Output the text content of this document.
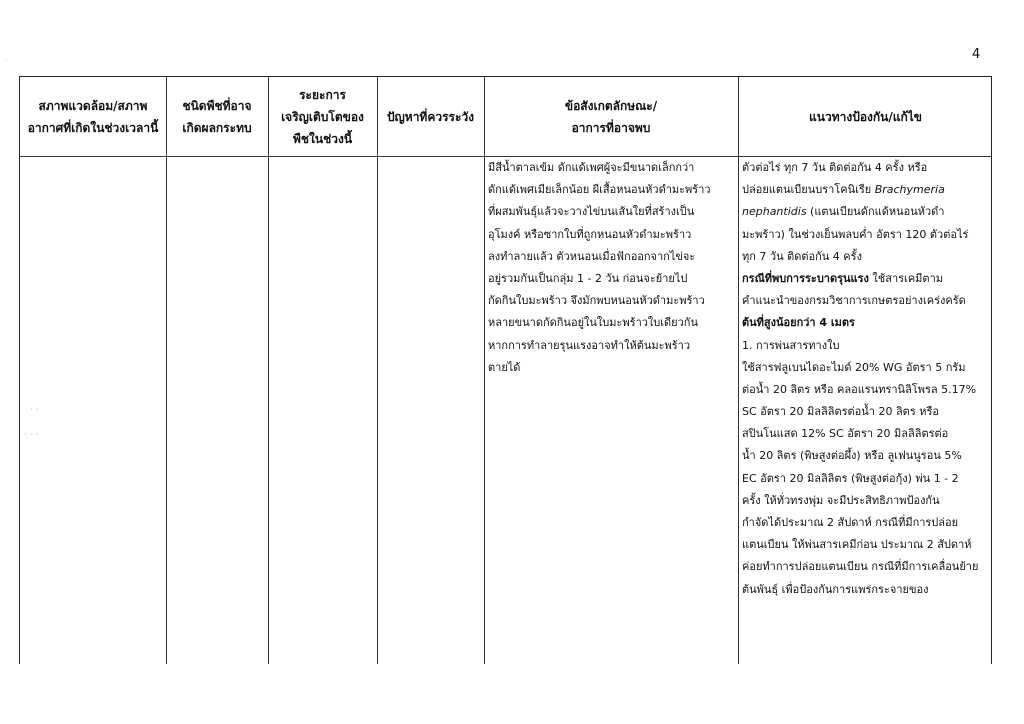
4
˙
· ·
· · ·
สภาพแวดล้อม/สภาพ
อากาศที่เกิดในช่วงเวลานี้
ชนิดพืชที่อาจ
เกิดผลกระทบ
ระยะการ
เจริญเติบโตของ
พืชในช่วงนี้
ปัญหาที่ควรระวัง
ข้อสังเกตลักษณะ/
อาการที่อาจพบ
แนวทางป้องกัน/แก้ไข
มีสีน้ำตาลเข้ม ดักแด้เพศผู้จะมีขนาดเล็กกว่า
ดักแด้เพศเมียเล็กน้อย ผีเสื้อหนอนหัวดำมะพร้าว
ที่ผสมพันธุ์แล้วจะวางไข่บนเส้นใยที่สร้างเป็น
อุโมงค์ หรือซากใบที่ถูกหนอนหัวดำมะพร้าว
ลงทำลายแล้ว ตัวหนอนเมื่อฟักออกจากไข่จะ
อยู่รวมกันเป็นกลุ่ม 1 - 2 วัน ก่อนจะย้ายไป
กัดกินใบมะพร้าว จึงมักพบหนอนหัวดำมะพร้าว
หลายขนาดกัดกินอยู่ในใบมะพร้าวใบเดียวกัน
หากการทำลายรุนแรงอาจทำให้ต้นมะพร้าว
ตายได้
ตัวต่อไร่ ทุก 7 วัน ติดต่อกัน 4 ครั้ง หรือ
ปล่อยแตนเบียนบราโคนิเรีย Brachymeria
nephantidis (แตนเบียนดักแด้หนอนหัวดำ
มะพร้าว) ในช่วงเย็นพลบค่ำ อัตรา 120 ตัวต่อไร่
ทุก 7 วัน ติดต่อกัน 4 ครั้ง
กรณีที่พบการระบาดรุนแรง ใช้สารเคมีตาม
คำแนะนำของกรมวิชาการเกษตรอย่างเคร่งครัด
ต้นที่สูงน้อยกว่า 4 เมตร
1. การพ่นสารทางใบ
ใช้สารฟลูเบนไดอะไมด์ 20% WG อัตรา 5 กรัม
ต่อน้ำ 20 ลิตร หรือ คลอแรนทรานิลิโพรล 5.17%
SC อัตรา 20 มิลลิลิตรต่อน้ำ 20 ลิตร หรือ
สปินโนแสด 12% SC อัตรา 20 มิลลิลิตรต่อ
น้ำ 20 ลิตร (พิษสูงต่อผึ้ง) หรือ ลูเฟนนูรอน 5%
EC อัตรา 20 มิลลิลิตร (พิษสูงต่อกุ้ง) พ่น 1 - 2
ครั้ง ให้ทั่วทรงพุ่ม จะมีประสิทธิภาพป้องกัน
กำจัดได้ประมาณ 2 สัปดาห์ กรณีที่มีการปล่อย
แตนเบียน ให้พ่นสารเคมีก่อน ประมาณ 2 สัปดาห์
ค่อยทำการปล่อยแตนเบียน กรณีที่มีการเคลื่อนย้าย
ต้นพันธุ์ เพื่อป้องกันการแพร่กระจายของ
